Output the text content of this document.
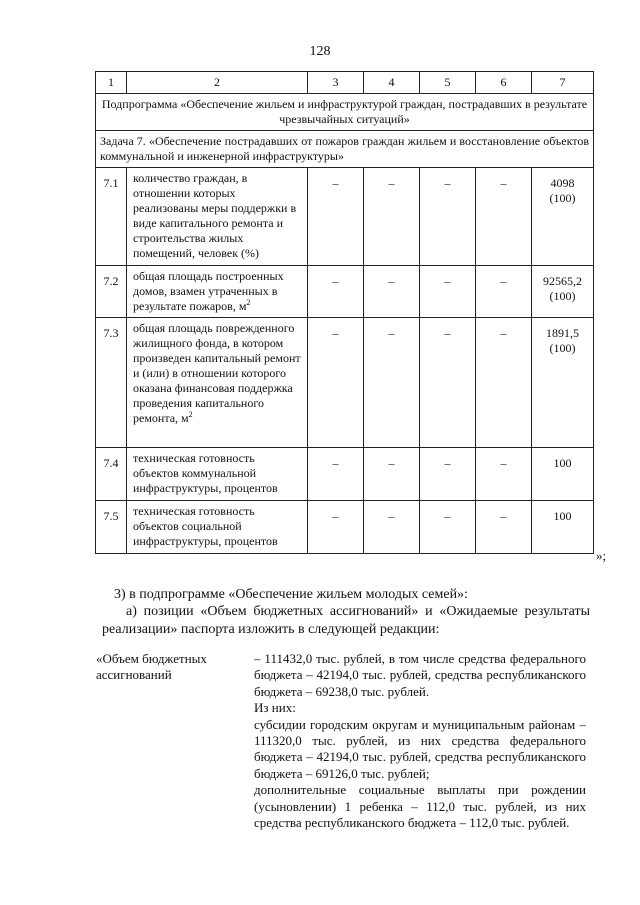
128
1	2	3	4	5	6	7
Подпрограмма «Обеспечение жильем и инфраструктурой граждан, пострадавших в результате чрезвычайных ситуаций»						
Задача 7. «Обеспечение пострадавших от пожаров граждан жильем и восстановление объектов коммунальной и инженерной инфраструктуры»						
7.1	количество граждан, в отношении которых реализованы меры поддержки в виде капитального ремонта и строительства жилых помещений, человек (%)	–	–	–	–	4098
(100)

7.2	общая площадь построенных домов, взамен утраченных в результате пожаров, $м^2$	–	–	–	–	92565,2
(100)

7.3	общая площадь поврежденного жилищного фонда, в котором произведен капитальный ремонт и (или) в отношении которого оказана финансовая поддержка проведения капитального ремонта, $м^2$	–	–	–	–	1891,5
(100)

7.4	техническая готовность объектов коммунальной инфраструктуры, процентов	–	–	–	–	100

7.5	техническая готовность объектов социальной инфраструктуры, процентов	–	–	–	–	100
»;
3) в подпрограмме «Обеспечение жильем молодых семей»:
а) позиции «Объем бюджетных ассигнований» и «Ожидаемые результаты реализации» паспорта изложить в следующей редакции:
«Объем бюджетных ассигнований

– 111432,0 тыс. рублей, в том числе средства федерального бюджета – 42194,0 тыс. рублей, средства республиканского бюджета – 69238,0 тыс. рублей.

Из них:

субсидии городским округам и муниципальным районам – 111320,0 тыс. рублей, из них средства федерального бюджета – 42194,0 тыс. рублей, средства республиканского бюджета – 69126,0 тыс. рублей;

дополнительные социальные выплаты при рождении (усыновлении) 1 ребенка – 112,0 тыс. рублей, из них средства республиканского бюджета – 112,0 тыс. рублей.
